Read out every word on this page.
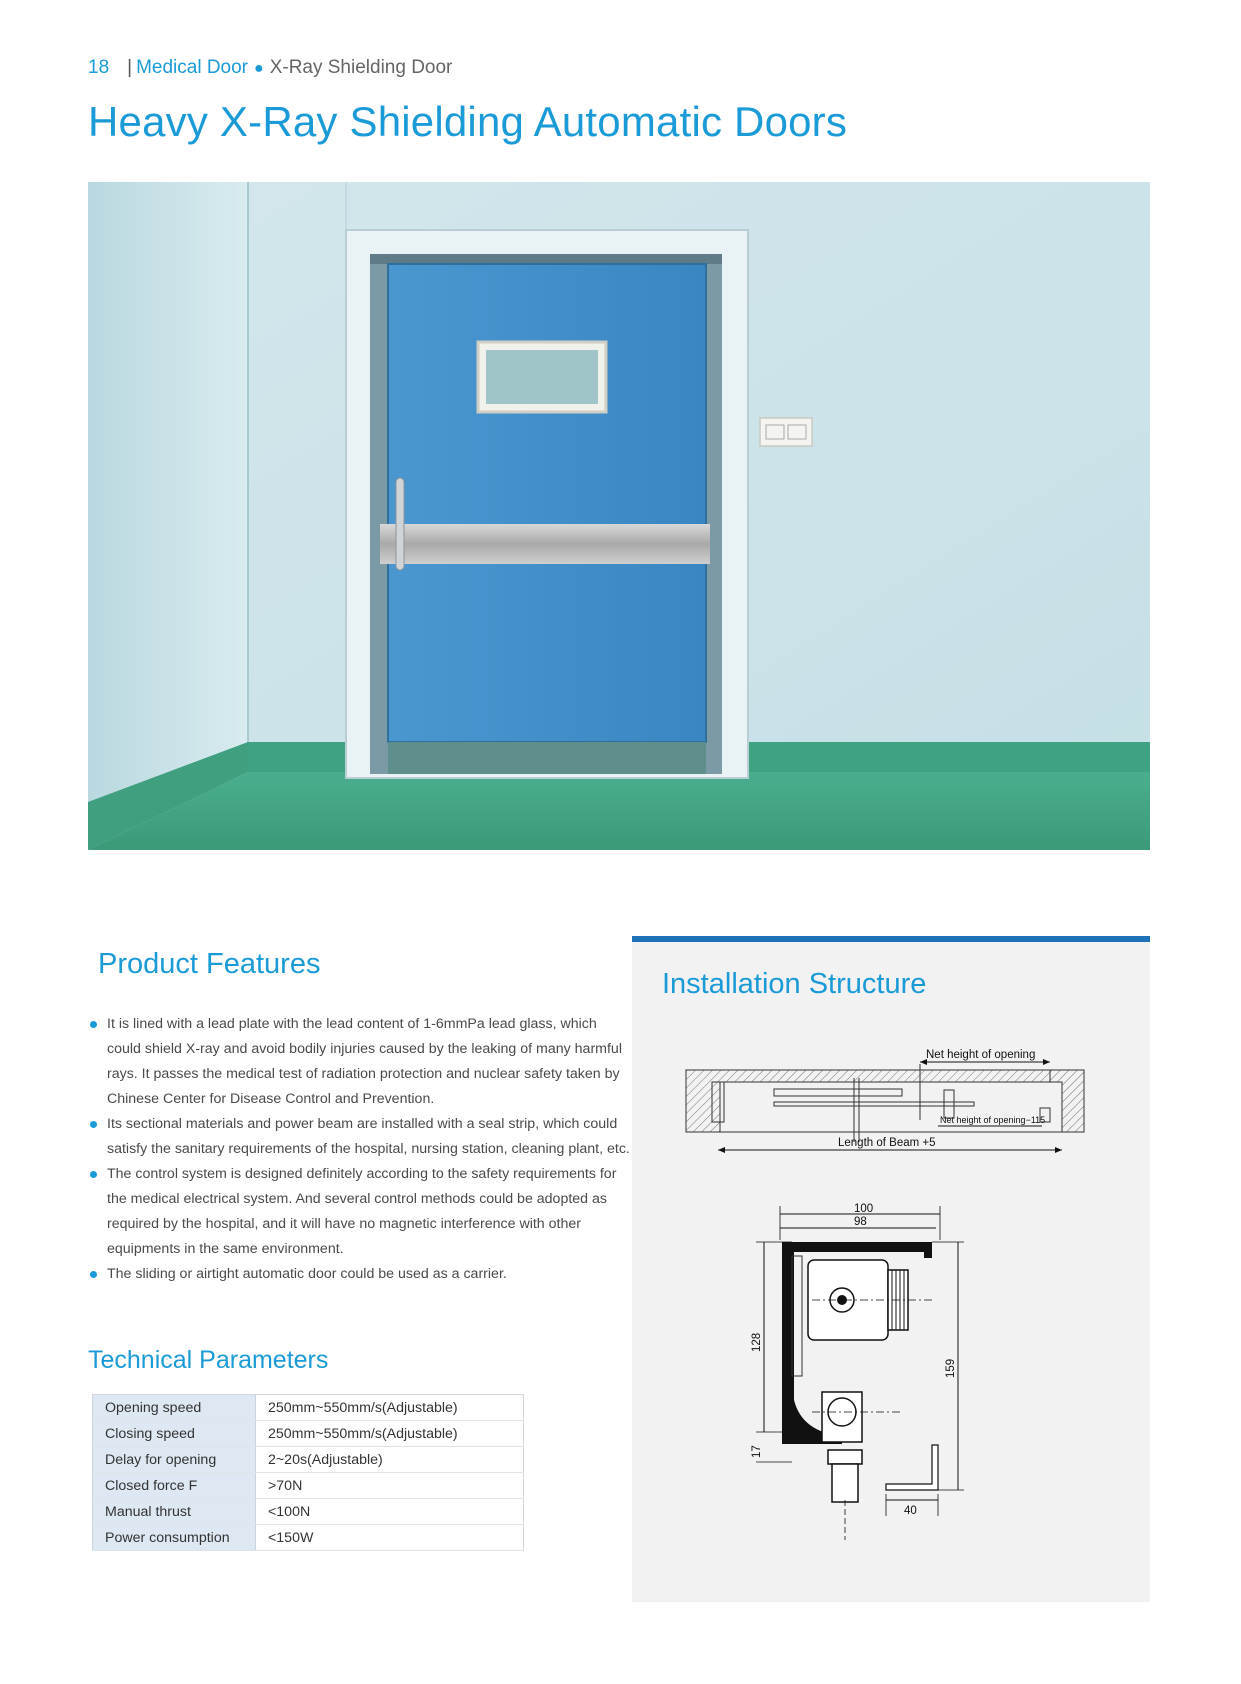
18 | Medical Door ● X-Ray Shielding Door
Heavy X-Ray Shielding Automatic Doors
Product Features
It is lined with a lead plate with the lead content of 1-6mmPa lead glass, which could shield X-ray and avoid bodily injuries caused by the leaking of many harmful rays. It passes the medical test of radiation protection and nuclear safety taken by Chinese Center for Disease Control and Prevention.
Its sectional materials and power beam are installed with a seal strip, which could satisfy the sanitary requirements of the hospital, nursing station, cleaning plant, etc.
The control system is designed definitely according to the safety requirements for the medical electrical system. And several control methods could be adopted as required by the hospital, and it will have no magnetic interference with other equipments in the same environment.
The sliding or airtight automatic door could be used as a carrier.
Technical Parameters
Opening speed	250mm~550mm/s(Adjustable)
Closing speed	250mm~550mm/s(Adjustable)
Delay for opening	2~20s(Adjustable)
Closed force F	>70N
Manual thrust	<100N
Power consumption	<150W
Installation Structure
Net height of opening
Net height of opening−115
Length of Beam +5
100
98
128
17
159
40
